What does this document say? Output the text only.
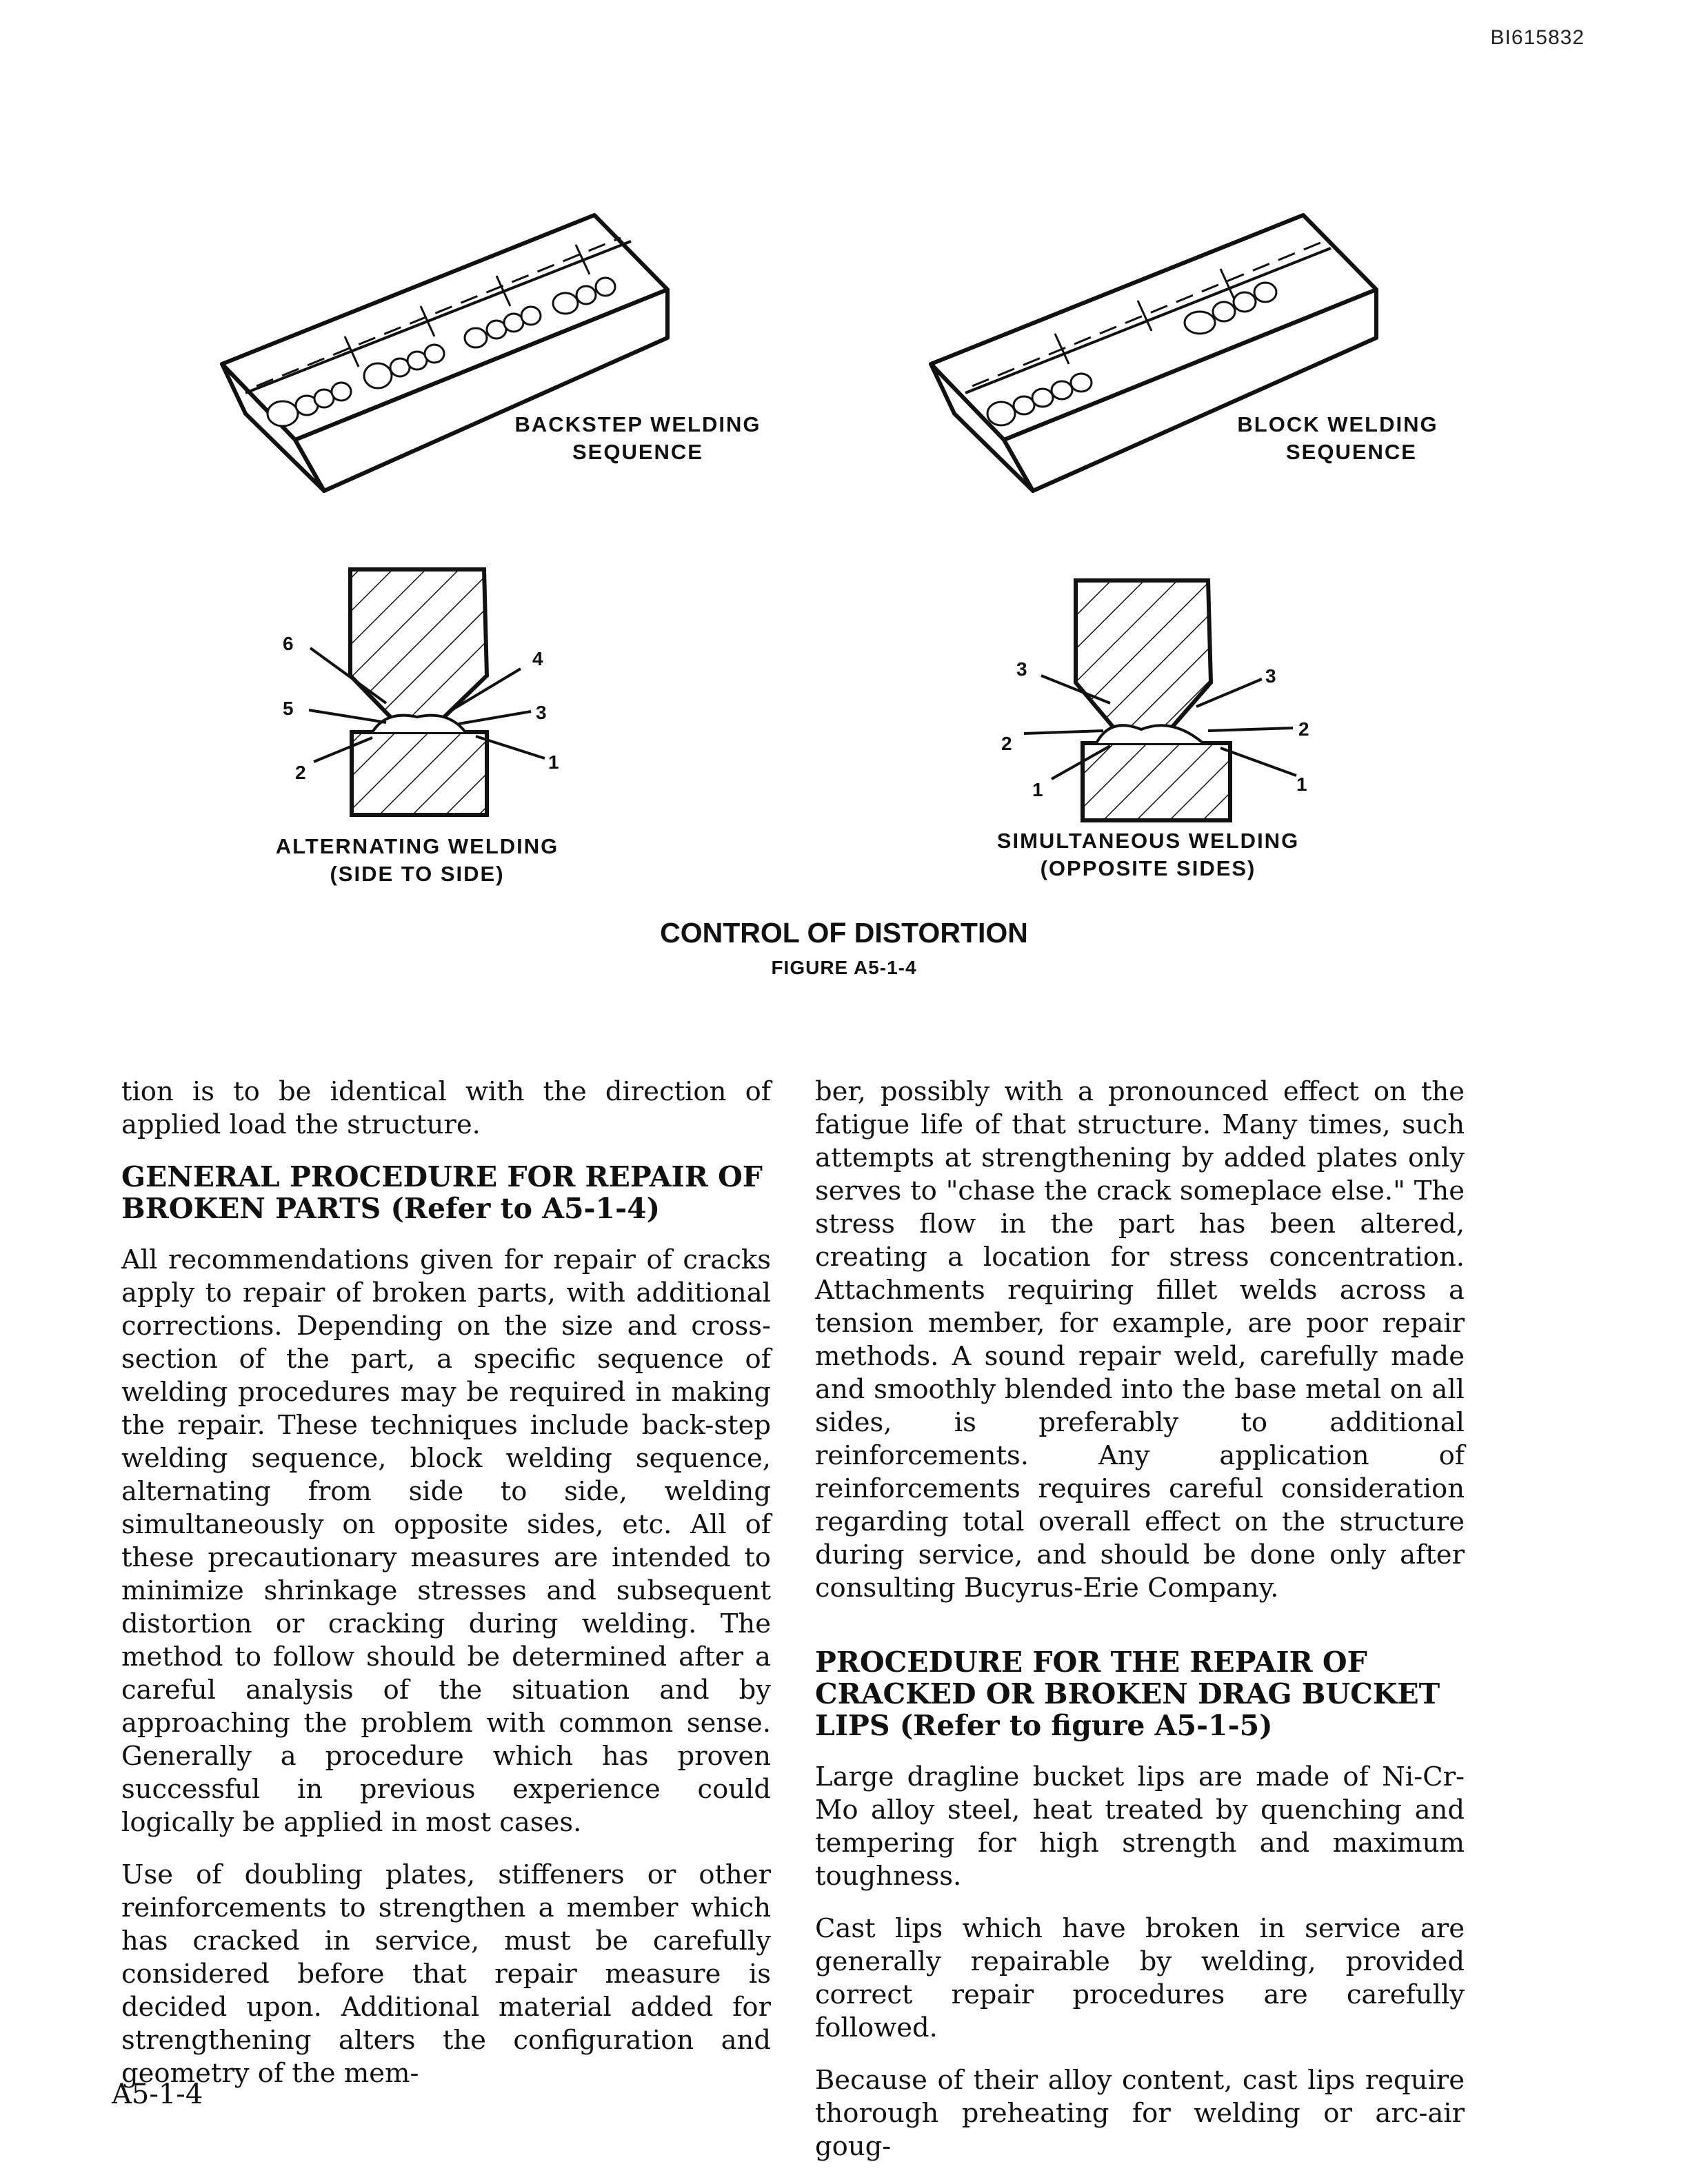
BI615832
BACKSTEP WELDING
SEQUENCE
BLOCK WELDING
SEQUENCE
ALTERNATING WELDING
(SIDE TO SIDE)
SIMULTANEOUS WELDING
(OPPOSITE SIDES)
6
4
5	3
2	1
3	3
2
2
1	1
CONTROL OF DISTORTION
FIGURE A5-1-4

tion is to be identical with the direction of applied load the structure.

GENERAL PROCEDURE FOR REPAIR OF BROKEN PARTS (Refer to A5-1-4)

All recommendations given for repair of cracks apply to repair of broken parts, with additional corrections. Depending on the size and cross-section of the part, a specific sequence of welding procedures may be required in making the repair. These techniques include back-step welding sequence, block welding sequence, alternating from side to side, welding simultaneously on opposite sides, etc. All of these precautionary measures are intended to minimize shrinkage stresses and subsequent distortion or cracking during welding. The method to follow should be determined after a careful analysis of the situation and by approaching the problem with common sense. Generally a procedure which has proven successful in previous experience could logically be applied in most cases.

Use of doubling plates, stiffeners or other reinforcements to strengthen a member which has cracked in service, must be carefully considered before that repair measure is decided upon. Additional material added for strengthening alters the configuration and geometry of the mem-

ber, possibly with a pronounced effect on the fatigue life of that structure. Many times, such attempts at strengthening by added plates only serves to "chase the crack someplace else." The stress flow in the part has been altered, creating a location for stress concentration. Attachments requiring fillet welds across a tension member, for example, are poor repair methods. A sound repair weld, carefully made and smoothly blended into the base metal on all sides, is preferably to additional reinforcements. Any application of reinforcements requires careful consideration regarding total overall effect on the structure during service, and should be done only after consulting Bucyrus-Erie Company.

PROCEDURE FOR THE REPAIR OF CRACKED OR BROKEN DRAG BUCKET LIPS (Refer to figure A5-1-5)

Large dragline bucket lips are made of Ni-Cr-Mo alloy steel, heat treated by quenching and tempering for high strength and maximum toughness.

Cast lips which have broken in service are generally repairable by welding, provided correct repair procedures are carefully followed.

Because of their alloy content, cast lips require thorough preheating for welding or arc-air goug-

A5-1-4
